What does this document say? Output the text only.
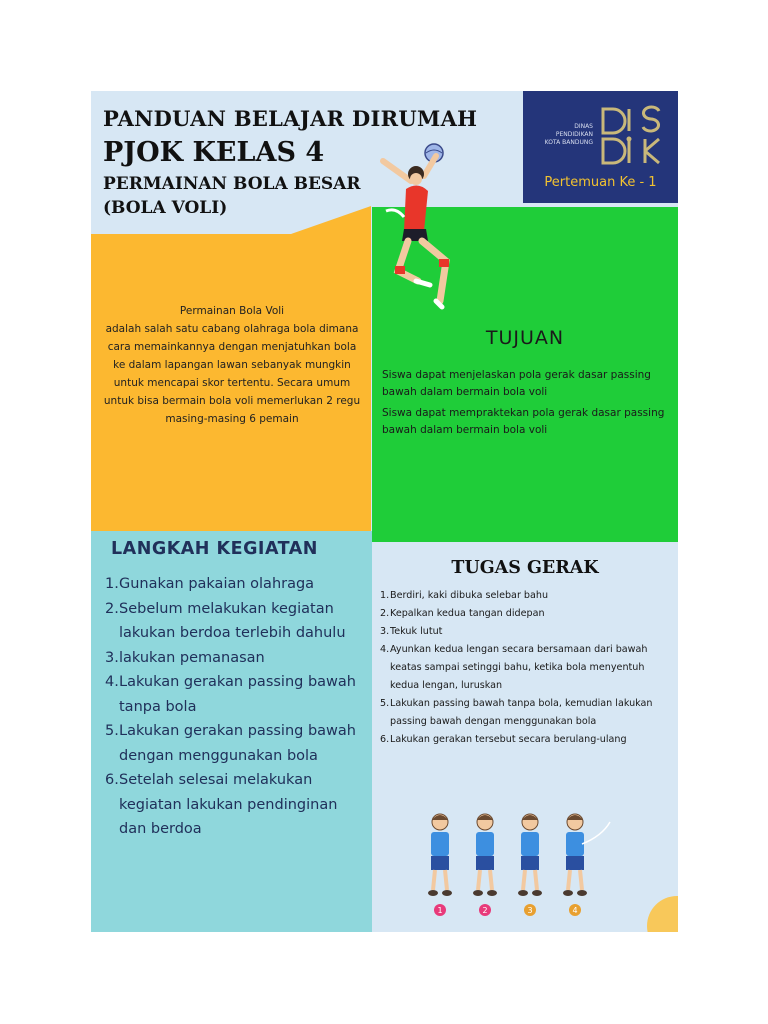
Permainan Bola Voli
adalah salah satu cabang olahraga bola dimana cara memainkannya dengan menjatuhkan bola ke dalam lapangan lawan sebanyak mungkin untuk mencapai skor tertentu. Secara umum untuk bisa bermain bola voli memerlukan 2 regu masing-masing 6 pemain
TUJUAN

Siswa dapat menjelaskan pola gerak dasar passing bawah dalam bermain bola voli

Siswa dapat mempraktekan pola gerak dasar passing bawah dalam bermain bola voli

PANDUAN BELAJAR DIRUMAH

PJOK KELAS 4

PERMAINAN BOLA BESAR
(BOLA VOLI)

DINAS
PENDIDIKAN
KOTA BANDUNG
Pertemuan Ke - 1
LANGKAH KEGIATAN
1. Gunakan pakaian olahraga
2. Sebelum melakukan kegiatan lakukan berdoa terlebih dahulu
3. lakukan pemanasan
4. Lakukan gerakan passing bawah tanpa bola
5. Lakukan gerakan passing bawah dengan menggunakan bola
6. Setelah selesai melakukan kegiatan lakukan pendinginan dan berdoa
TUGAS GERAK
1. Berdiri, kaki dibuka selebar bahu
2. Kepalkan kedua tangan didepan
3. Tekuk lutut
4. Ayunkan kedua lengan secara bersamaan dari bawah keatas sampai setinggi bahu, ketika bola menyentuh kedua lengan, luruskan
5. Lakukan passing bawah tanpa bola, kemudian lakukan passing bawah dengan menggunakan bola
6. Lakukan gerakan tersebut secara berulang-ulang
1	2	3	4
